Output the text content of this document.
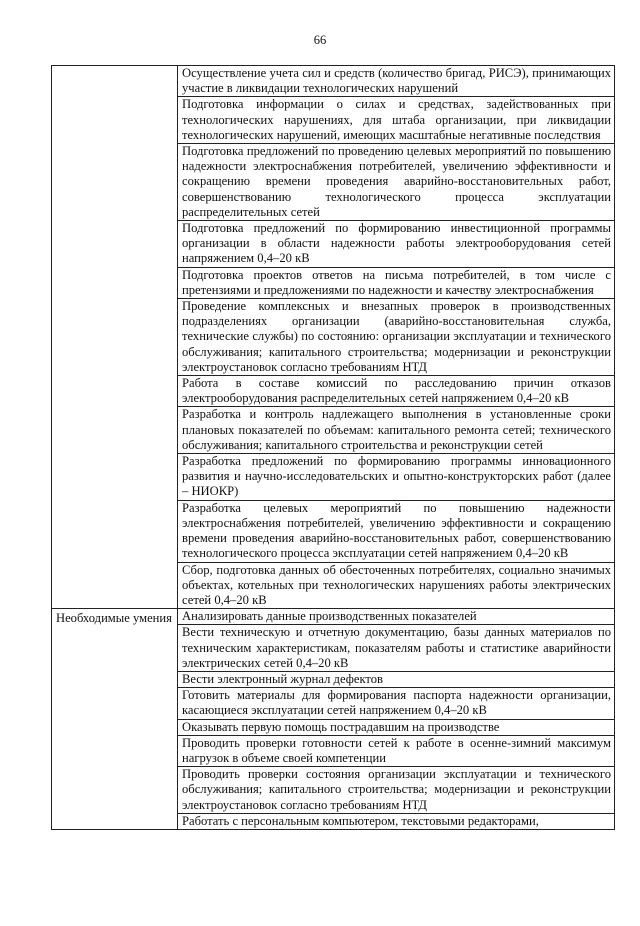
66
	Осуществление учета сил и средств (количество бригад, РИСЭ), принимающих участие в ликвидации технологических нарушений
	Подготовка информации о силах и средствах, задействованных при технологических нарушениях, для штаба организации, при ликвидации технологических нарушений, имеющих масштабные негативные последствия
	Подготовка предложений по проведению целевых мероприятий по повышению надежности электроснабжения потребителей, увеличению эффективности и сокращению времени проведения аварийно-восстановительных работ, совершенствованию технологического процесса эксплуатации распределительных сетей
	Подготовка предложений по формированию инвестиционной программы организации в области надежности работы электрооборудования сетей напряжением 0,4–20 кВ
	Подготовка проектов ответов на письма потребителей, в том числе с претензиями и предложениями по надежности и качеству электроснабжения
	Проведение комплексных и внезапных проверок в производственных подразделениях организации (аварийно-восстановительная служба, технические службы) по состоянию: организации эксплуатации и технического обслуживания; капитального строительства; модернизации и реконструкции электроустановок согласно требованиям НТД
	Работа в составе комиссий по расследованию причин отказов электрооборудования распределительных сетей напряжением 0,4–20 кВ
	Разработка и контроль надлежащего выполнения в установленные сроки плановых показателей по объемам: капитального ремонта сетей; технического обслуживания; капитального строительства и реконструкции сетей
	Разработка предложений по формированию программы инновационного развития и научно-исследовательских и опытно-конструкторских работ (далее – НИОКР)
	Разработка целевых мероприятий по повышению надежности электроснабжения потребителей, увеличению эффективности и сокращению времени проведения аварийно-восстановительных работ, совершенствованию технологического процесса эксплуатации сетей напряжением 0,4–20 кВ
	Сбор, подготовка данных об обесточенных потребителях, социально значимых объектах, котельных при технологических нарушениях работы электрических сетей 0,4–20 кВ
Необходимые умения	Анализировать данные производственных показателей
	Вести техническую и отчетную документацию, базы данных материалов по техническим характеристикам, показателям работы и статистике аварийности электрических сетей 0,4–20 кВ
	Вести электронный журнал дефектов
	Готовить материалы для формирования паспорта надежности организации, касающиеся эксплуатации сетей напряжением 0,4–20 кВ
	Оказывать первую помощь пострадавшим на производстве
	Проводить проверки готовности сетей к работе в осенне-зимний максимум нагрузок в объеме своей компетенции
	Проводить проверки состояния организации эксплуатации и технического обслуживания; капитального строительства; модернизации и реконструкции электроустановок согласно требованиям НТД
	Работать с персональным компьютером, текстовыми редакторами,
